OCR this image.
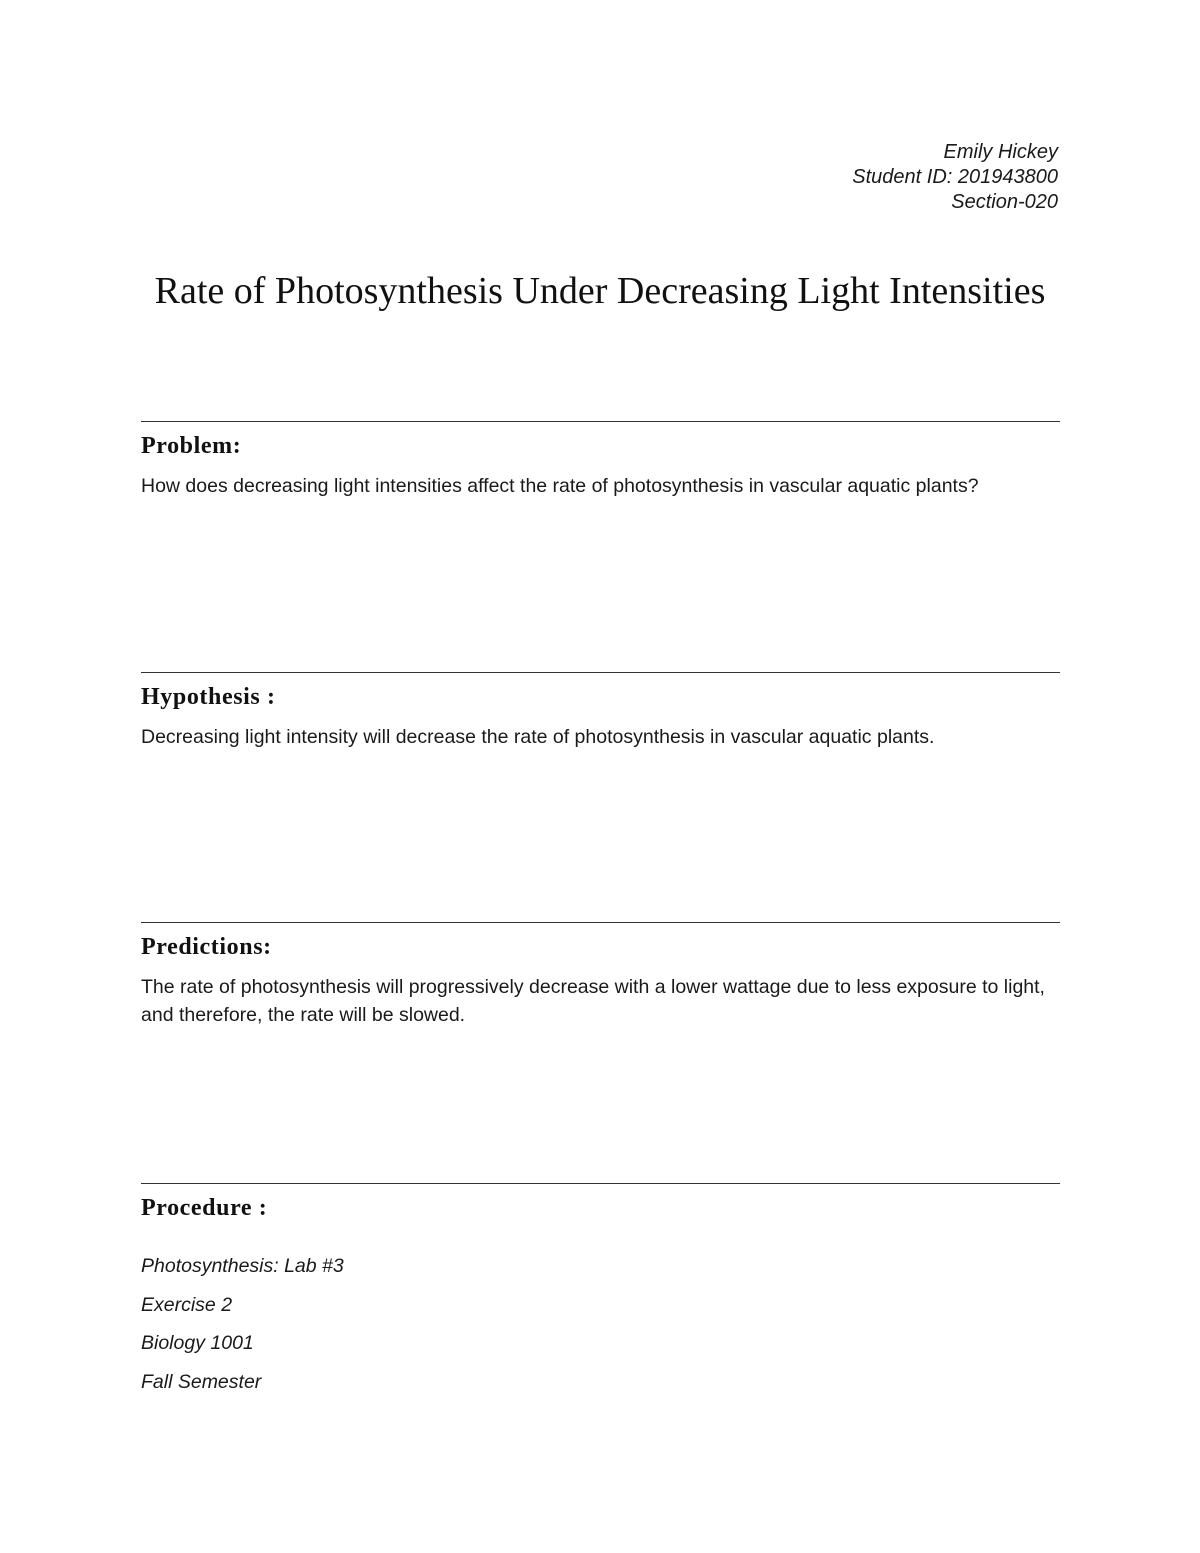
Emily Hickey
Student ID: 201943800
Section-020
Rate of Photosynthesis Under Decreasing Light Intensities
Problem:

How does decreasing light intensities affect the rate of photosynthesis in vascular aquatic plants?

Hypothesis :

Decreasing light intensity will decrease the rate of photosynthesis in vascular aquatic plants.

Predictions:

The rate of photosynthesis will progressively decrease with a lower wattage due to less exposure to light, and therefore, the rate will be slowed.

Procedure :
Photosynthesis: Lab #3
Exercise 2
Biology 1001
Fall Semester
